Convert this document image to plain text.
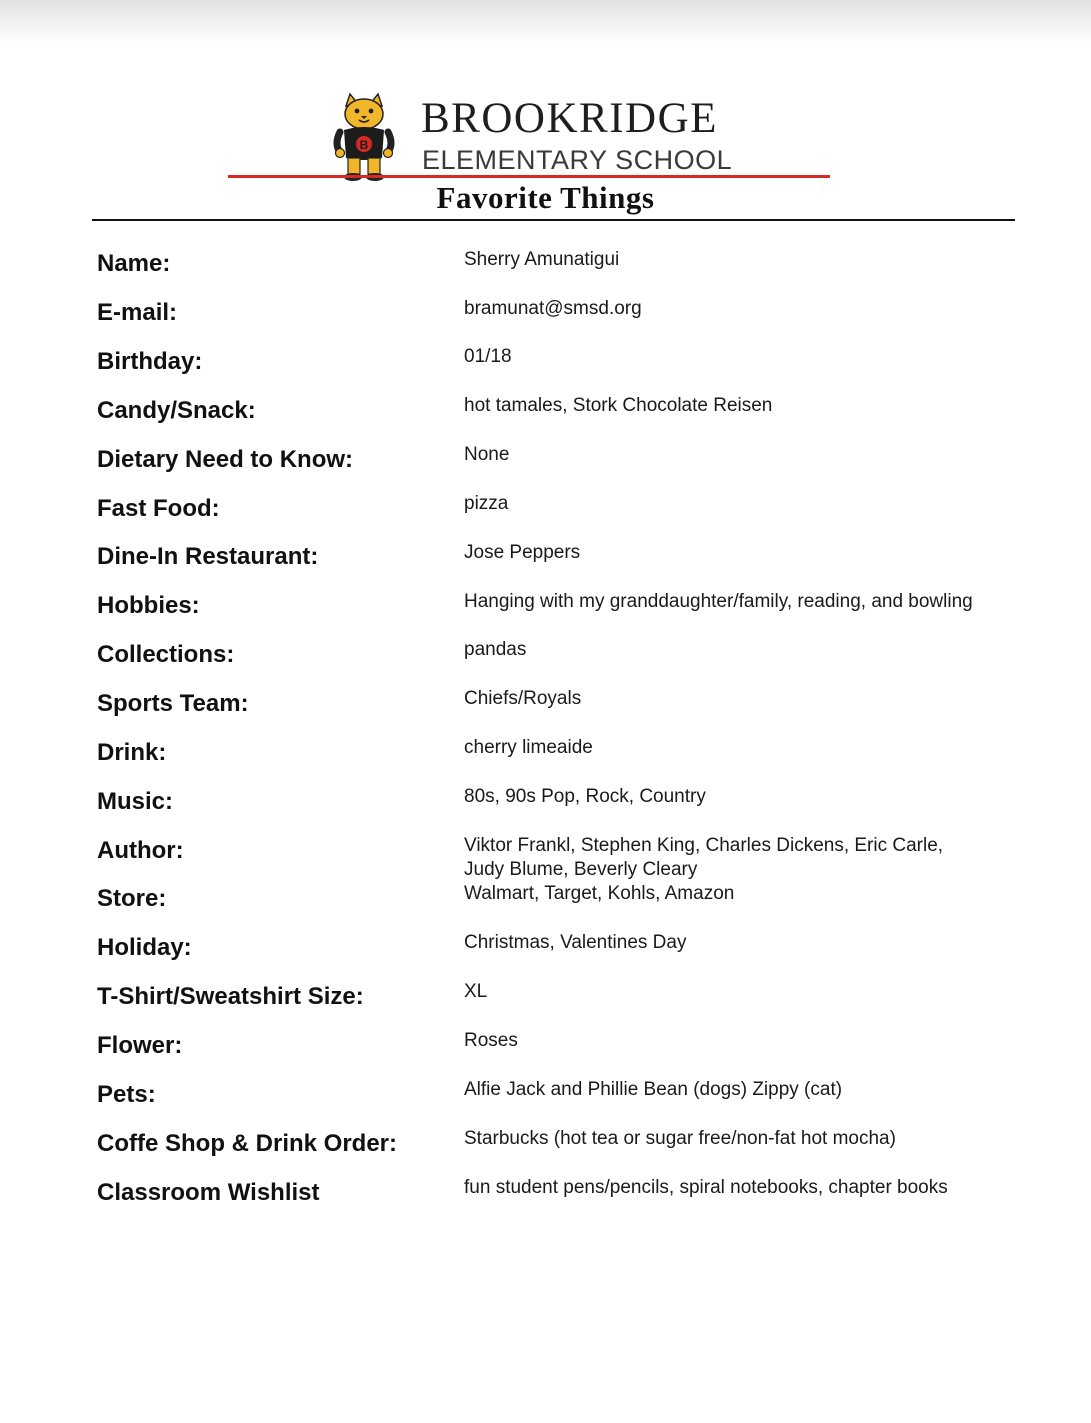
B
BROOKRIDGE
ELEMENTARY SCHOOL
Favorite Things
Name:	Sherry Amunatigui
E-mail:	bramunat@smsd.org
Birthday:	01/18
Candy/Snack:	hot tamales, Stork Chocolate Reisen
Dietary Need to Know:	None
Fast Food:	pizza
Dine-In Restaurant:	Jose Peppers
Hobbies:	Hanging with my granddaughter/family, reading, and bowling
Collections:	pandas
Sports Team:	Chiefs/Royals
Drink:	cherry limeaide
Music:	80s, 90s Pop, Rock, Country
Author:	Viktor Frankl, Stephen King, Charles Dickens, Eric Carle,
Judy Blume, Beverly Cleary
Store:	Walmart, Target, Kohls, Amazon
Holiday:	Christmas, Valentines Day
T-Shirt/Sweatshirt Size:	XL
Flower:	Roses
Pets:	Alfie Jack and Phillie Bean (dogs) Zippy (cat)
Coffe Shop & Drink Order:	Starbucks (hot tea or sugar free/non-fat hot mocha)
Classroom Wishlist	fun student pens/pencils, spiral notebooks, chapter books
